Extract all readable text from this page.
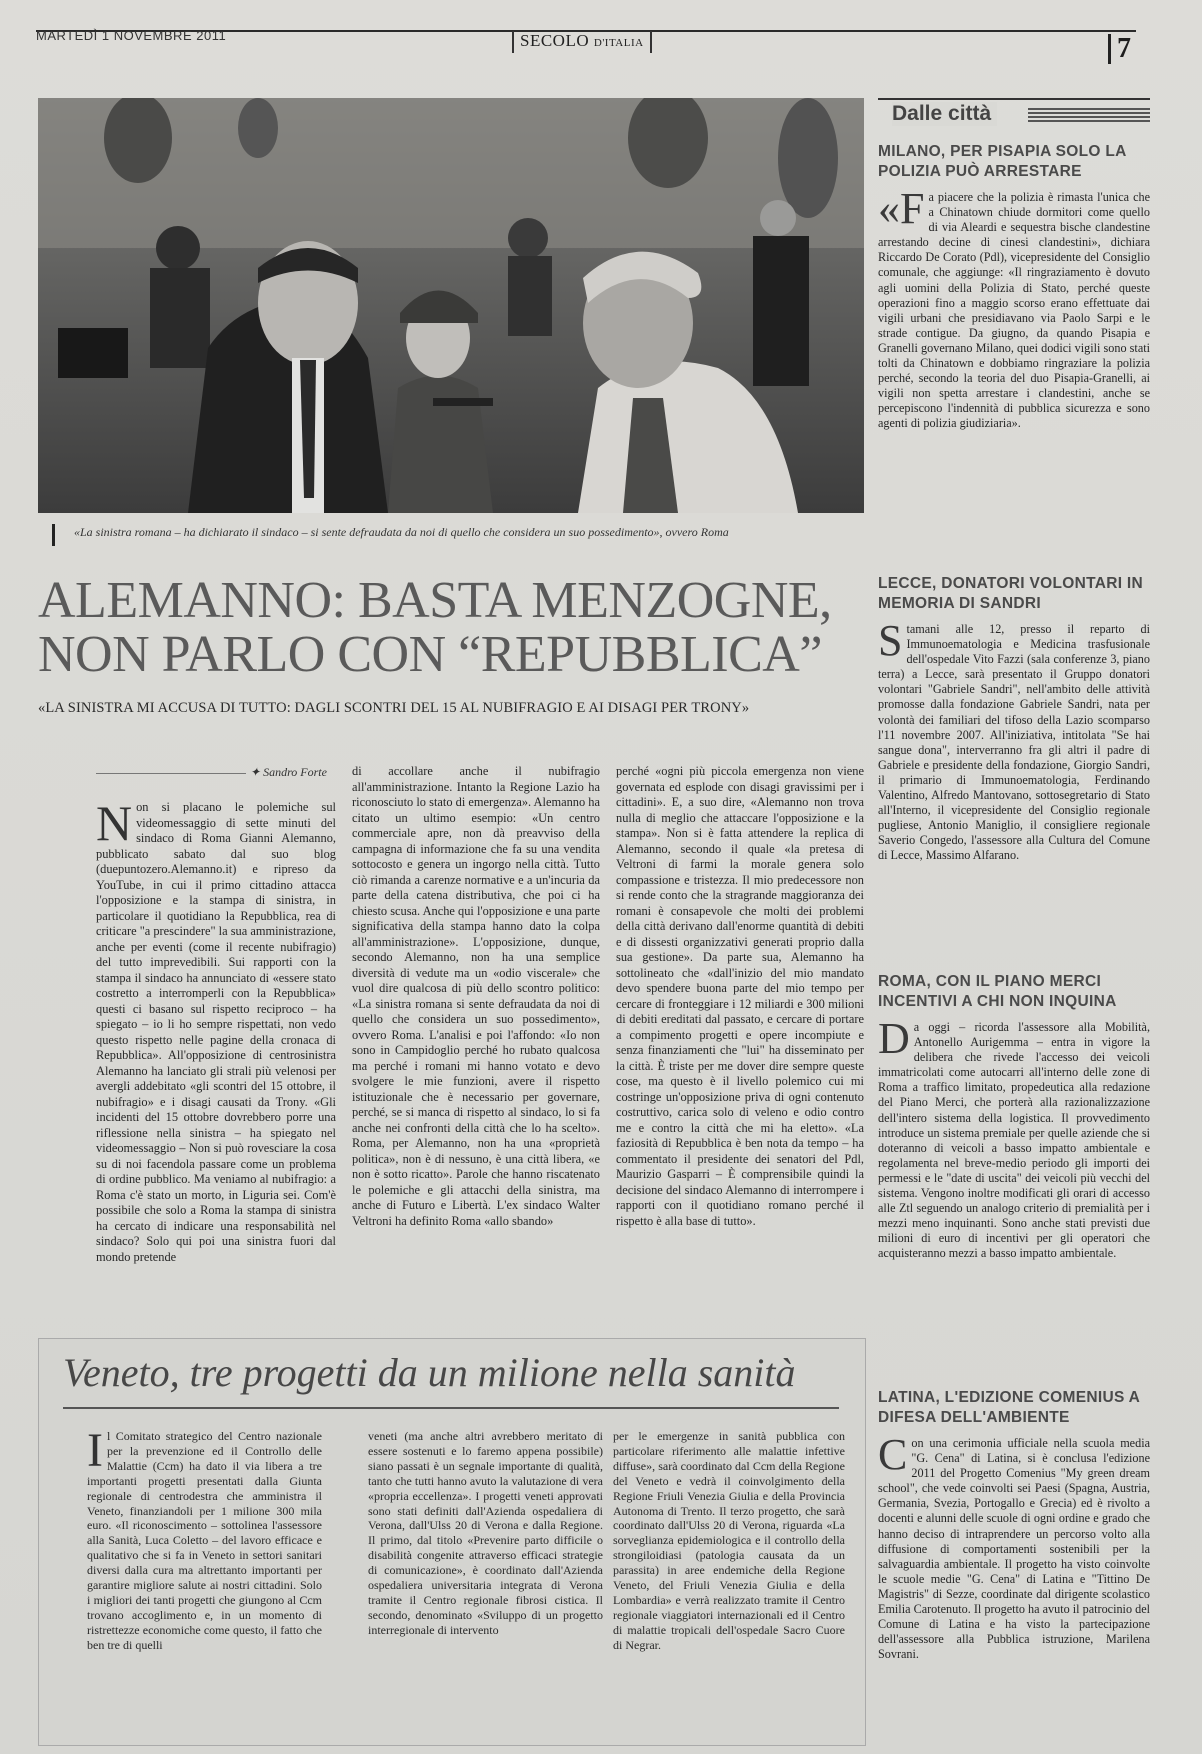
MARTEDÌ 1 NOVEMBRE 2011	SECOLO D'ITALIA	7
«La sinistra romana – ha dichiarato il sindaco – si sente defraudata da noi di quello che considera un suo possedimento», ovvero Roma
ALEMANNO: BASTA MENZOGNE,
NON PARLO CON “REPUBBLICA”
«LA SINISTRA MI ACCUSA DI TUTTO: DAGLI SCONTRI DEL 15 AL NUBIFRAGIO E AI DISAGI PER TRONY»
✦ Sandro Forte
N on si placano le polemiche sul videomessaggio di sette minuti del sindaco di Roma Gianni Alemanno, pubblicato sabato dal suo blog (duepuntozero.Alemanno.it) e ripreso da YouTube, in cui il primo cittadino attacca l'opposizione e la stampa di sinistra, in particolare il quotidiano la Repubblica, rea di criticare "a prescindere" la sua amministrazione, anche per eventi (come il recente nubifragio) del tutto imprevedibili. Sui rapporti con la stampa il sindaco ha annunciato di «essere stato costretto a interromperli con la Repubblica» questi ci basano sul rispetto reciproco – ha spiegato – io li ho sempre rispettati, non vedo questo rispetto nelle pagine della cronaca di Repubblica». All'opposizione di centrosinistra Alemanno ha lanciato gli strali più velenosi per avergli addebitato «gli scontri del 15 ottobre, il nubifragio» e i disagi causati da Trony. «Gli incidenti del 15 ottobre dovrebbero porre una riflessione nella sinistra – ha spiegato nel videomessaggio – Non si può rovesciare la cosa su di noi facendola passare come un problema di ordine pubblico. Ma veniamo al nubifragio: a Roma c'è stato un morto, in Liguria sei. Com'è possibile che solo a Roma la stampa di sinistra ha cercato di indicare una responsabilità nel sindaco? Solo qui poi una sinistra fuori dal mondo pretende
di accollare anche il nubifragio all'amministrazione. Intanto la Regione Lazio ha riconosciuto lo stato di emergenza». Alemanno ha citato un ultimo esempio: «Un centro commerciale apre, non dà preavviso della campagna di informazione che fa su una vendita sottocosto e genera un ingorgo nella città. Tutto ciò rimanda a carenze normative e a un'incuria da parte della catena distributiva, che poi ci ha chiesto scusa. Anche qui l'opposizione e una parte significativa della stampa hanno dato la colpa all'amministrazione». L'opposizione, dunque, secondo Alemanno, non ha una semplice diversità di vedute ma un «odio viscerale» che vuol dire qualcosa di più dello scontro politico: «La sinistra romana si sente defraudata da noi di quello che considera un suo possedimento», ovvero Roma. L'analisi e poi l'affondo: «Io non sono in Campidoglio perché ho rubato qualcosa ma perché i romani mi hanno votato e devo svolgere le mie funzioni, avere il rispetto istituzionale che è necessario per governare, perché, se si manca di rispetto al sindaco, lo si fa anche nei confronti della città che lo ha scelto». Roma, per Alemanno, non ha una «proprietà politica», non è di nessuno, è una città libera, «e non è sotto ricatto». Parole che hanno riscatenato le polemiche e gli attacchi della sinistra, ma anche di Futuro e Libertà. L'ex sindaco Walter Veltroni ha definito Roma «allo sbando»
perché «ogni più piccola emergenza non viene governata ed esplode con disagi gravissimi per i cittadini». E, a suo dire, «Alemanno non trova nulla di meglio che attaccare l'opposizione e la stampa». Non si è fatta attendere la replica di Alemanno, secondo il quale «la pretesa di Veltroni di farmi la morale genera solo compassione e tristezza. Il mio predecessore non si rende conto che la stragrande maggioranza dei romani è consapevole che molti dei problemi della città derivano dall'enorme quantità di debiti e di dissesti organizzativi generati proprio dalla sua gestione». Da parte sua, Alemanno ha sottolineato che «dall'inizio del mio mandato devo spendere buona parte del mio tempo per cercare di fronteggiare i 12 miliardi e 300 milioni di debiti ereditati dal passato, e cercare di portare a compimento progetti e opere incompiute e senza finanziamenti che "lui" ha disseminato per la città. È triste per me dover dire sempre queste cose, ma questo è il livello polemico cui mi costringe un'opposizione priva di ogni contenuto costruttivo, carica solo di veleno e odio contro me e contro la città che mi ha eletto». «La faziosità di Repubblica è ben nota da tempo – ha commentato il presidente dei senatori del Pdl, Maurizio Gasparri – È comprensibile quindi la decisione del sindaco Alemanno di interrompere i rapporti con il quotidiano romano perché il rispetto è alla base di tutto».
Dalle città
MILANO, PER PISAPIA SOLO LA POLIZIA PUÒ ARRESTARE
«F a piacere che la polizia è rimasta l'unica che a Chinatown chiude dormitori come quello di via Aleardi e sequestra bische clandestine arrestando decine di cinesi clandestini», dichiara Riccardo De Corato (Pdl), vicepresidente del Consiglio comunale, che aggiunge: «Il ringraziamento è dovuto agli uomini della Polizia di Stato, perché queste operazioni fino a maggio scorso erano effettuate dai vigili urbani che presidiavano via Paolo Sarpi e le strade contigue. Da giugno, da quando Pisapia e Granelli governano Milano, quei dodici vigili sono stati tolti da Chinatown e dobbiamo ringraziare la polizia perché, secondo la teoria del duo Pisapia-Granelli, ai vigili non spetta arrestare i clandestini, anche se percepiscono l'indennità di pubblica sicurezza e sono agenti di polizia giudiziaria».
LECCE, DONATORI VOLONTARI IN MEMORIA DI SANDRI
S tamani alle 12, presso il reparto di Immunoematologia e Medicina trasfusionale dell'ospedale Vito Fazzi (sala conferenze 3, piano terra) a Lecce, sarà presentato il Gruppo donatori volontari "Gabriele Sandri", nell'ambito delle attività promosse dalla fondazione Gabriele Sandri, nata per volontà dei familiari del tifoso della Lazio scomparso l'11 novembre 2007. All'iniziativa, intitolata "Se hai sangue dona", interverranno fra gli altri il padre di Gabriele e presidente della fondazione, Giorgio Sandri, il primario di Immunoematologia, Ferdinando Valentino, Alfredo Mantovano, sottosegretario di Stato all'Interno, il vicepresidente del Consiglio regionale pugliese, Antonio Maniglio, il consigliere regionale Saverio Congedo, l'assessore alla Cultura del Comune di Lecce, Massimo Alfarano.
ROMA, CON IL PIANO MERCI INCENTIVI A CHI NON INQUINA
D a oggi – ricorda l'assessore alla Mobilità, Antonello Aurigemma – entra in vigore la delibera che rivede l'accesso dei veicoli immatricolati come autocarri all'interno delle zone di Roma a traffico limitato, propedeutica alla redazione del Piano Merci, che porterà alla razionalizzazione dell'intero sistema della logistica. Il provvedimento introduce un sistema premiale per quelle aziende che si doteranno di veicoli a basso impatto ambientale e regolamenta nel breve-medio periodo gli importi dei permessi e le "date di uscita" dei veicoli più vecchi del sistema. Vengono inoltre modificati gli orari di accesso alle Ztl seguendo un analogo criterio di premialità per i mezzi meno inquinanti. Sono anche stati previsti due milioni di euro di incentivi per gli operatori che acquisteranno mezzi a basso impatto ambientale.
LATINA, L'EDIZIONE COMENIUS A DIFESA DELL'AMBIENTE
C on una cerimonia ufficiale nella scuola media "G. Cena" di Latina, si è conclusa l'edizione 2011 del Progetto Comenius "My green dream school", che vede coinvolti sei Paesi (Spagna, Austria, Germania, Svezia, Portogallo e Grecia) ed è rivolto a docenti e alunni delle scuole di ogni ordine e grado che hanno deciso di intraprendere un percorso volto alla diffusione di comportamenti sostenibili per la salvaguardia ambientale. Il progetto ha visto coinvolte le scuole medie "G. Cena" di Latina e "Tittino De Magistris" di Sezze, coordinate dal dirigente scolastico Emilia Carotenuto. Il progetto ha avuto il patrocinio del Comune di Latina e ha visto la partecipazione dell'assessore alla Pubblica istruzione, Marilena Sovrani.
Veneto, tre progetti da un milione nella sanità
I l Comitato strategico del Centro nazionale per la prevenzione ed il Controllo delle Malattie (Ccm) ha dato il via libera a tre importanti progetti presentati dalla Giunta regionale di centrodestra che amministra il Veneto, finanziandoli per 1 milione 300 mila euro. «Il riconoscimento – sottolinea l'assessore alla Sanità, Luca Coletto – del lavoro efficace e qualitativo che si fa in Veneto in settori sanitari diversi dalla cura ma altrettanto importanti per garantire migliore salute ai nostri cittadini. Solo i migliori dei tanti progetti che giungono al Ccm trovano accoglimento e, in un momento di ristrettezze economiche come questo, il fatto che ben tre di quelli
veneti (ma anche altri avrebbero meritato di essere sostenuti e lo faremo appena possibile) siano passati è un segnale importante di qualità, tanto che tutti hanno avuto la valutazione di vera «propria eccellenza». I progetti veneti approvati sono stati definiti dall'Azienda ospedaliera di Verona, dall'Ulss 20 di Verona e dalla Regione. Il primo, dal titolo «Prevenire parto difficile o disabilità congenite attraverso efficaci strategie di comunicazione», è coordinato dall'Azienda ospedaliera universitaria integrata di Verona tramite il Centro regionale fibrosi cistica. Il secondo, denominato «Sviluppo di un progetto interregionale di intervento
per le emergenze in sanità pubblica con particolare riferimento alle malattie infettive diffuse», sarà coordinato dal Ccm della Regione del Veneto e vedrà il coinvolgimento della Regione Friuli Venezia Giulia e della Provincia Autonoma di Trento. Il terzo progetto, che sarà coordinato dall'Ulss 20 di Verona, riguarda «La sorveglianza epidemiologica e il controllo della strongiloidiasi (patologia causata da un parassita) in aree endemiche della Regione Veneto, del Friuli Venezia Giulia e della Lombardia» e verrà realizzato tramite il Centro regionale viaggiatori internazionali ed il Centro di malattie tropicali dell'ospedale Sacro Cuore di Negrar.
